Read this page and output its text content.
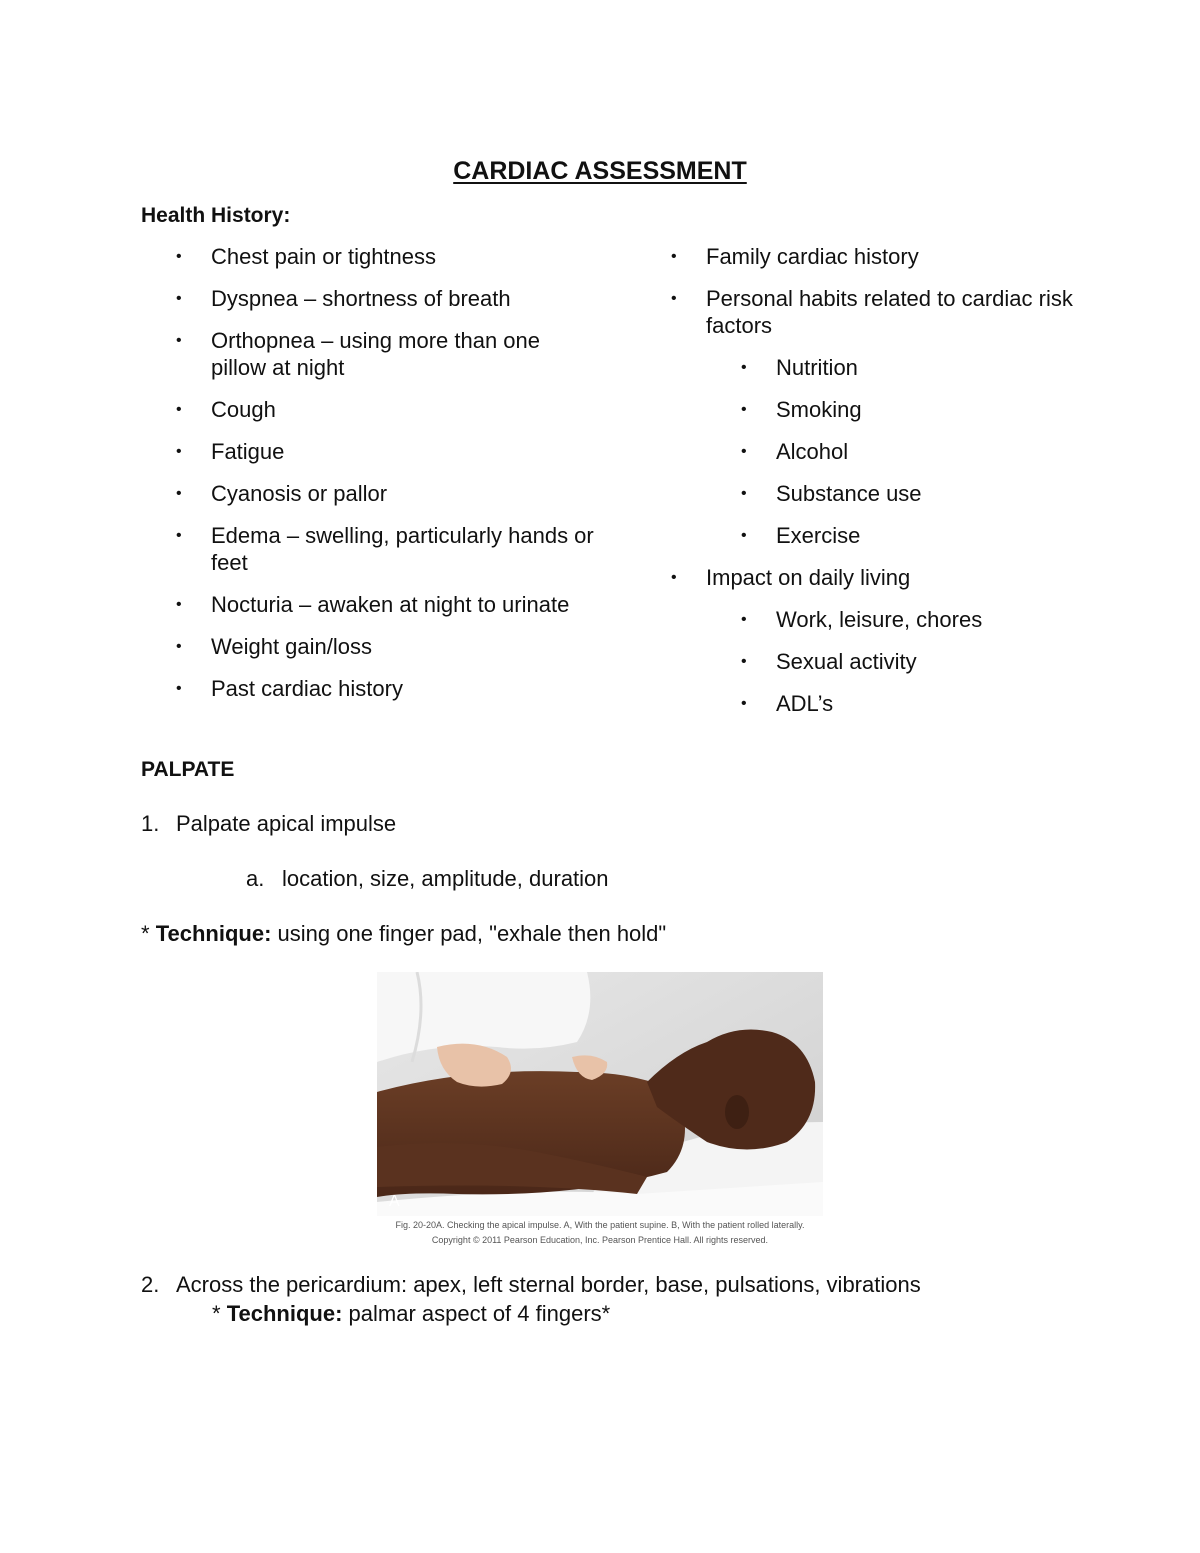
CARDIAC ASSESSMENT
Health History:
• Chest pain or tightness
• Dyspnea – shortness of breath
• Orthopnea – using more than one pillow at night
• Cough
• Fatigue
• Cyanosis or pallor
• Edema – swelling, particularly hands or feet
• Nocturia – awaken at night to urinate
• Weight gain/loss
• Past cardiac history
• Family cardiac history
• Personal habits related to cardiac risk factors
• Nutrition
• Smoking
• Alcohol
• Substance use
• Exercise
• Impact on daily living
• Work, leisure, chores
• Sexual activity
• ADL’s
PALPATE
1. Palpate apical impulse
a. location, size, amplitude, duration
* Technique: using one finger pad, "exhale then hold"
A
Fig. 20-20A. Checking the apical impulse. A, With the patient supine. B, With the patient rolled laterally.
Copyright © 2011 Pearson Education, Inc. Pearson Prentice Hall. All rights reserved.
2. Across the pericardium: apex, left sternal border, base, pulsations, vibrations
* Technique: palmar aspect of 4 fingers*
